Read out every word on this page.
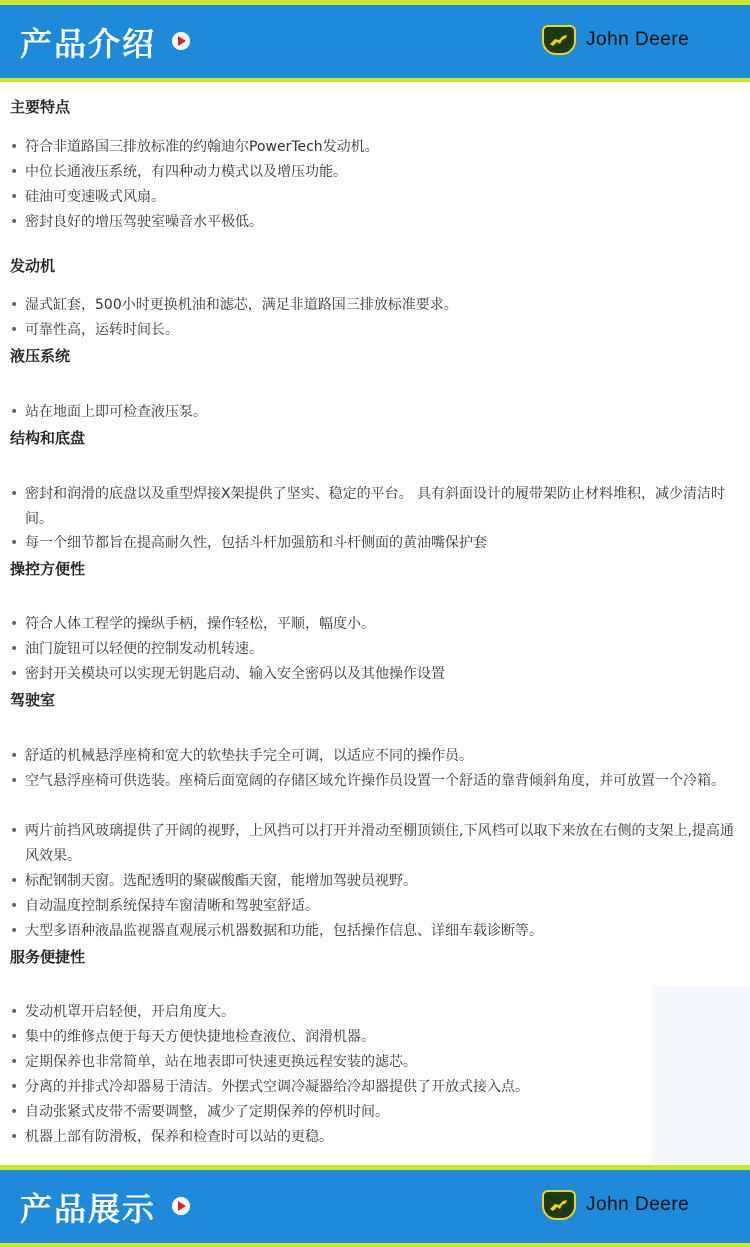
产品介绍	John Deere
主要特点
• 符合非道路国三排放标准的约翰迪尔PowerTech发动机。
• 中位长通液压系统，有四种动力模式以及增压功能。
• 硅油可变速吸式风扇。
• 密封良好的增压驾驶室噪音水平极低。
发动机
• 湿式缸套，500小时更换机油和滤芯，满足非道路国三排放标准要求。
• 可靠性高，运转时间长。
液压系统
• 站在地面上即可检查液压泵。
结构和底盘
• 密封和润滑的底盘以及重型焊接X架提供了坚实、稳定的平台。 具有斜面设计的履带架防止材料堆积，减少清洁时间。
• 每一个细节都旨在提高耐久性，包括斗杆加强筋和斗杆侧面的黄油嘴保护套
操控方便性
• 符合人体工程学的操纵手柄，操作轻松，平顺，幅度小。
• 油门旋钮可以轻便的控制发动机转速。
• 密封开关模块可以实现无钥匙启动、输入安全密码以及其他操作设置
驾驶室
• 舒适的机械悬浮座椅和宽大的软垫扶手完全可调，以适应不同的操作员。
• 空气悬浮座椅可供选装。座椅后面宽阔的存储区域允许操作员设置一个舒适的靠背倾斜角度，并可放置一个冷箱。
• 两片前挡风玻璃提供了开阔的视野，上风挡可以打开并滑动至棚顶锁住,下风档可以取下来放在右侧的支架上,提高通风效果。
• 标配钢制天窗。选配透明的聚碳酸酯天窗，能增加驾驶员视野。
• 自动温度控制系统保持车窗清晰和驾驶室舒适。
• 大型多语种液晶监视器直观展示机器数据和功能，包括操作信息、详细车载诊断等。
服务便捷性
• 发动机罩开启轻便，开启角度大。
• 集中的维修点便于每天方便快捷地检查液位、润滑机器。
• 定期保养也非常简单，站在地表即可快速更换远程安装的滤芯。
• 分离的并排式冷却器易于清洁。外摆式空调冷凝器给冷却器提供了开放式接入点。
• 自动张紧式皮带不需要调整，减少了定期保养的停机时间。
• 机器上部有防滑板，保养和检查时可以站的更稳。
产品展示	John Deere
